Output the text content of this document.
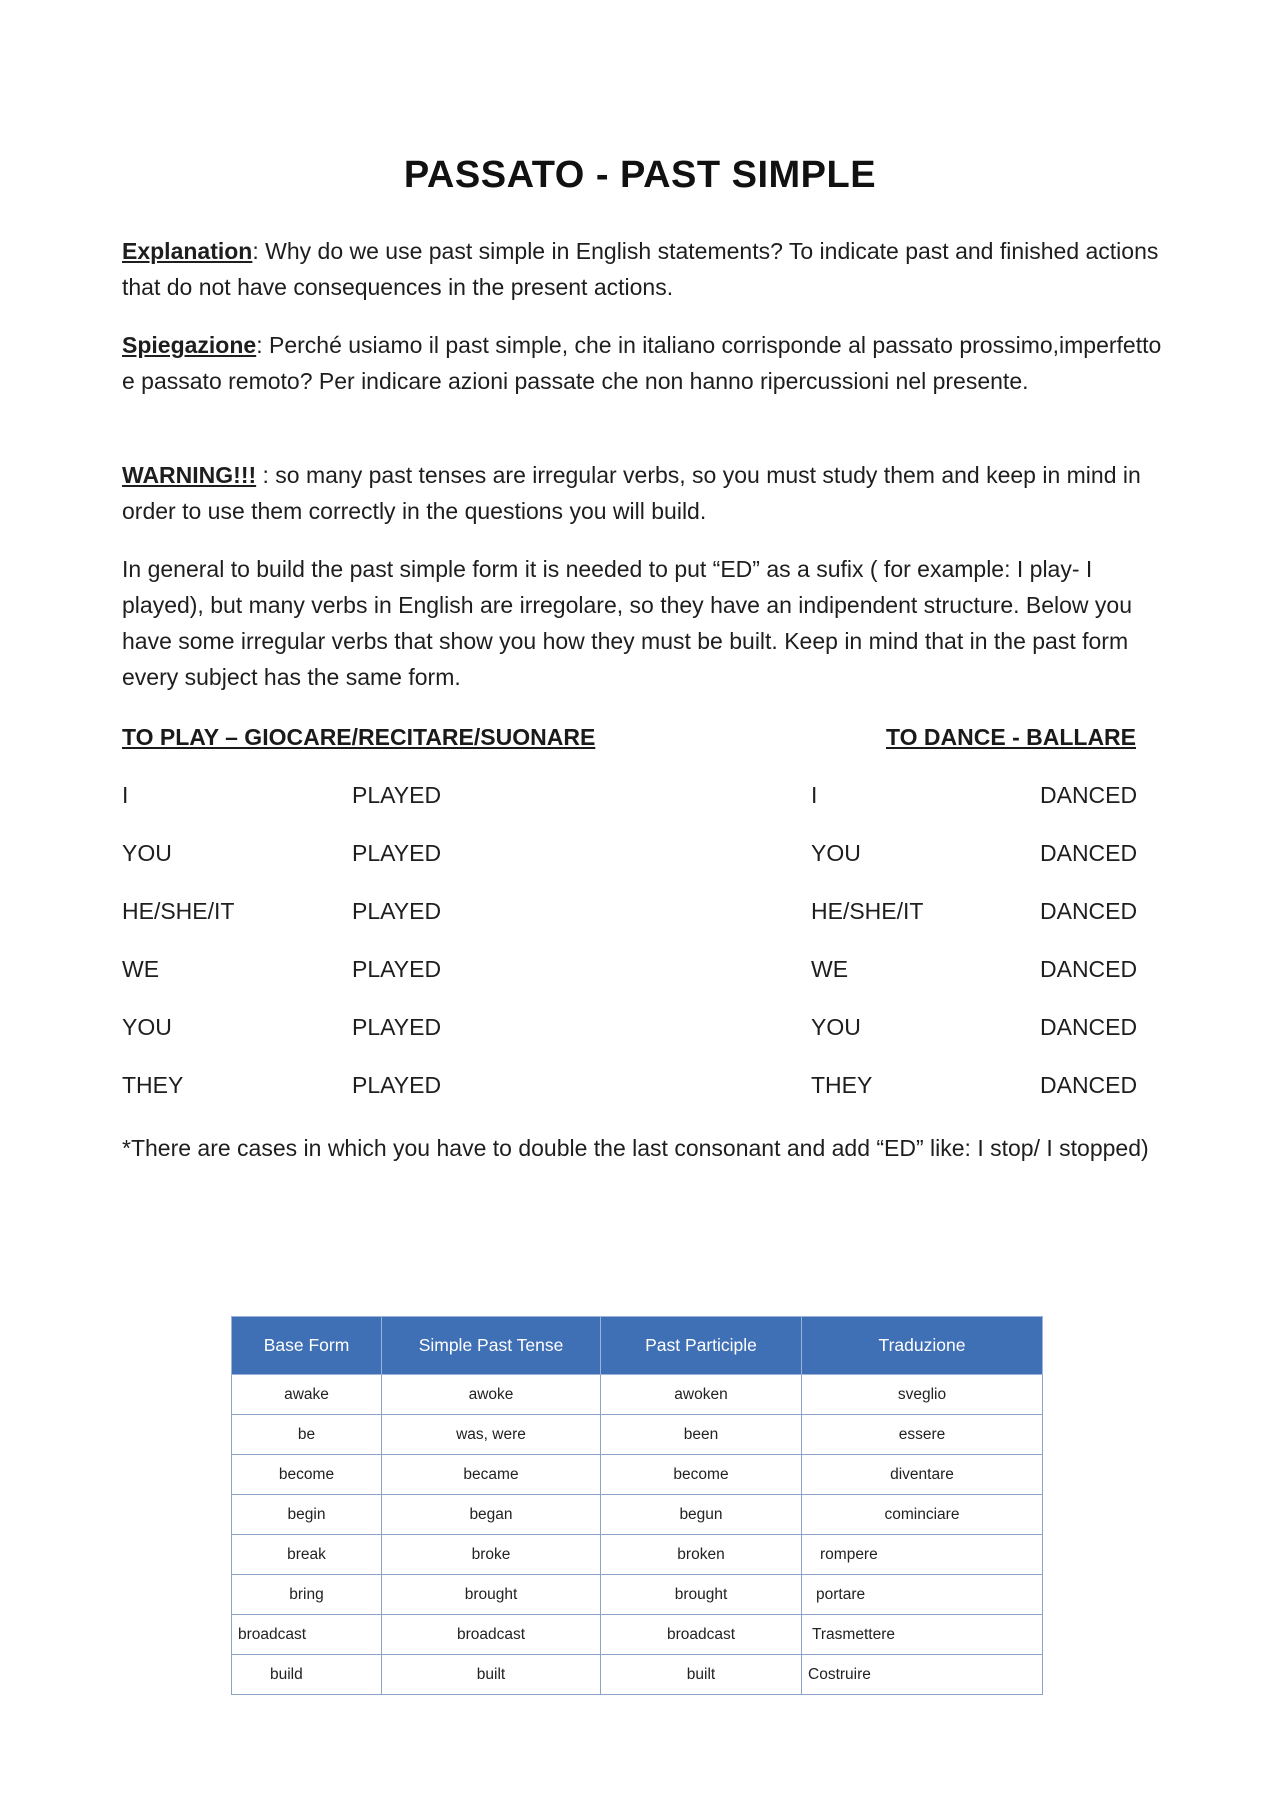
PASSATO - PAST SIMPLE
Explanation: Why do we use past simple in English statements? To indicate past and finished actions that do not have consequences in the present actions.
Spiegazione: Perché usiamo il past simple, che in italiano corrisponde al passato prossimo,imperfetto e passato remoto? Per indicare azioni passate che non hanno ripercussioni nel presente.
WARNING!!! : so many past tenses are irregular verbs, so you must study them and keep in mind in order to use them correctly in the questions you will build.
In general to build the past simple form it is needed to put “ED” as a sufix ( for example: I play- I played), but many verbs in English are irregolare, so they have an indipendent structure. Below you have some irregular verbs that show you how they must be built. Keep in mind that in the past form every subject has the same form.
TO PLAY – GIOCARE/RECITARE/SUONARE	TO DANCE - BALLARE
I	PLAYED	I	DANCED
YOU	PLAYED	YOU	DANCED
HE/SHE/IT	PLAYED	HE/SHE/IT	DANCED
WE	PLAYED	WE	DANCED
YOU	PLAYED	YOU	DANCED
THEY	PLAYED	THEY	DANCED
*There are cases in which you have to double the last consonant and add “ED” like: I stop/ I stopped)
Base Form	Simple Past Tense	Past Participle	Traduzione
awake	awoke	awoken	sveglio
be	was, were	been	essere
become	became	become	diventare
begin	began	begun	cominciare
break	broke	broken	rompere
bring	brought	brought	portare
broadcast	broadcast	broadcast	Trasmettere
build	built	built	Costruire
